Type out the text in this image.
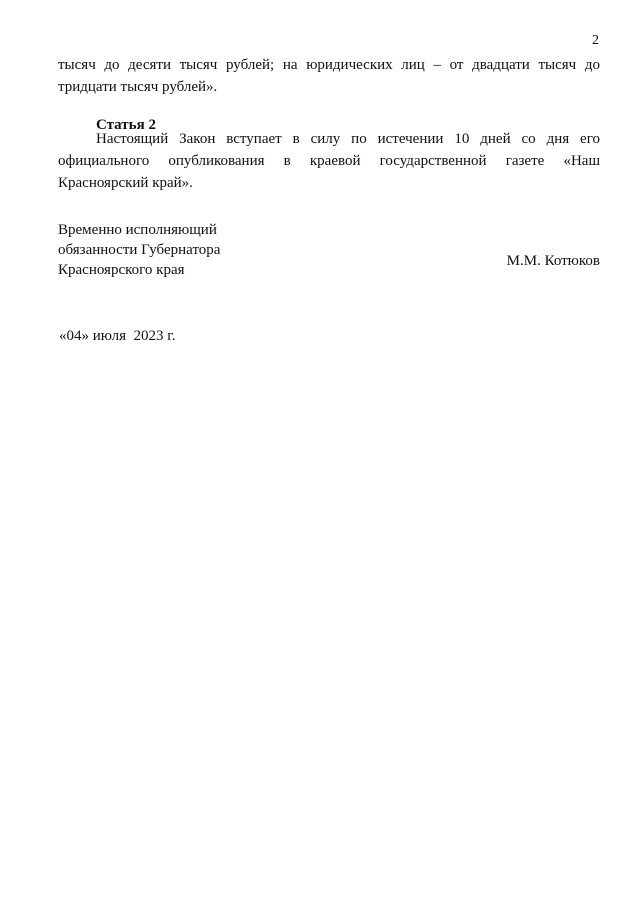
2
тысяч до десяти тысяч рублей; на юридических лиц – от двадцати тысяч до тридцати тысяч рублей».
Статья 2
Настоящий Закон вступает в силу по истечении 10 дней со дня его официального опубликования в краевой государственной газете «Наш Красноярский край».
Временно исполняющий
обязанности Губернатора
Красноярского края
М.М. Котюков
«04» июля  2023 г.
